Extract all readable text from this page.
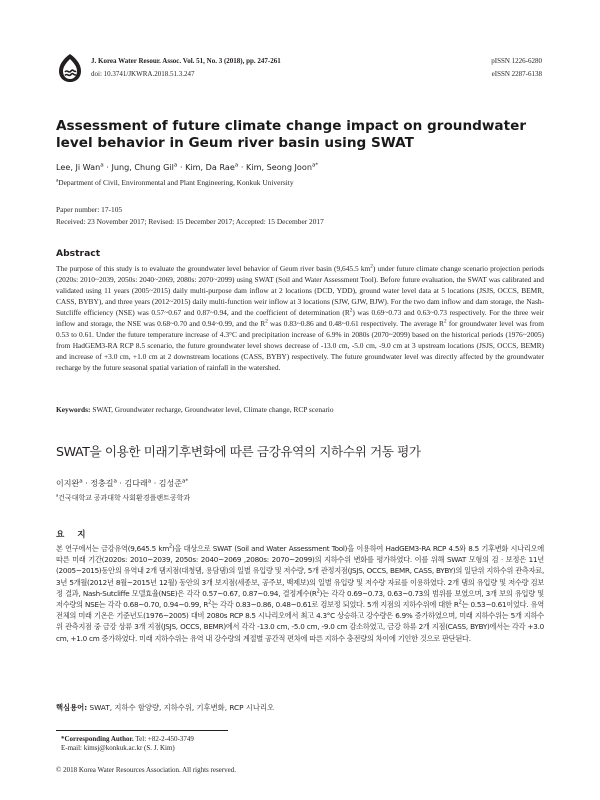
J. Korea Water Resour. Assoc. Vol. 51, No. 3 (2018), pp. 247-261
doi: 10.3741/JKWRA.2018.51.3.247
pISSN 1226-6280
eISSN 2287-6138
Assessment of future climate change impact on groundwater level behavior in Geum river basin using SWAT
Lee, Ji Wan$^a$ · Jung, Chung Gil$^a$ · Kim, Da Rae$^a$ · Kim, Seong Joon$^{a*}$
$^a$Department of Civil, Environmental and Plant Engineering, Konkuk University
Paper number: 17-105
Received: 23 November 2017; Revised: 15 December 2017; Accepted: 15 December 2017
Abstract
The purpose of this study is to evaluate the groundwater level behavior of Geum river basin (9,645.5 $km^2$) under future climate change scenario projection periods (2020s: 2010~2039, 2050s: 2040~2069, 2080s: 2070~2099) using SWAT (Soil and Water Assessment Tool). Before future evaluation, the SWAT was calibrated and validated using 11 years (2005~2015) daily multi-purpose dam inflow at 2 locations (DCD, YDD), ground water level data at 5 locations (JSJS, OCCS, BEMR, CASS, BYBY), and three years (2012~2015) daily multi-function weir inflow at 3 locations (SJW, GJW, BJW). For the two dam inflow and dam storage, the Nash-Sutcliffe efficiency (NSE) was 0.57~0.67 and 0.87~0.94, and the coefficient of determination $(R^2)$ was 0.69~0.73 and 0.63~0.73 respectively. For the three weir inflow and storage, the NSE was 0.68~0.70 and 0.94~0.99, and the $R^2$ was 0.83~0.86 and 0.48~0.61 respectively. The average $R^2$ for groundwater level was from 0.53 to 0.61. Under the future temperature increase of 4.3°C and precipitation increase of 6.9% in 2080s (2070~2099) based on the historical periods (1976~2005) from HadGEM3-RA RCP 8.5 scenario, the future groundwater level shows decrease of -13.0 cm, -5.0 cm, -9.0 cm at 3 upstream locations (JSJS, OCCS, BEMR) and increase of +3.0 cm, +1.0 cm at 2 downstream locations (CASS, BYBY) respectively. The future groundwater level was directly affected by the groundwater recharge by the future seasonal spatial variation of rainfall in the watershed.
Keywords: SWAT, Groundwater recharge, Groundwater level, Climate change, RCP scenario
SWAT을 이용한 미래기후변화에 따른 금강유역의 지하수위 거동 평가
이지완$^a$ · 정충길$^a$ · 김다래$^a$ · 김성준$^{a*}$
$^a$건국대학교 공과대학 사회환경플랜트공학과
요 지
본 연구에서는 금강유역(9,645.5 $km^2$)을 대상으로 SWAT (Soil and Water Assessment Tool)을 이용하여 HadGEM3-RA RCP 4.5와 8.5 기후변화 시나리오에 따른 미래 기간(2020s: 2010~2039, 2050s: 2040~2069 ,2080s: 2070~2099)의 지하수위 변화를 평가하였다. 이를 위해 SWAT 모형의 검 · 보정은 11년(2005~2015)동안의 유역내 2개 댐지점(대청댐, 용담댐)의 일별 유입량 및 저수량, 5개 관정지점(JSJS, OCCS, BEMR, CASS, BYBY)의 일단위 지하수위 관측자료, 3년 5개월(2012년 8월~2015년 12월) 동안의 3개 보지점(세종보, 공주보, 백제보)의 일별 유입량 및 저수량 자료를 이용하였다. 2개 댐의 유입량 및 저수량 검보정 결과, Nash-Sutcliffe 모델효율(NSE)은 각각 0.57~0.67, 0.87~0.94, 결정계수$(R^2)$는 각각 0.69~0.73, 0.63~0.73의 범위를 보였으며, 3개 보의 유입량 및 저수량의 NSE는 각각 0.68~0.70, 0.94~0.99, $R^2$는 각각 0.83~0.86, 0.48~0.61로 검보정 되었다. 5개 지점의 지하수위에 대한 $R^2$는 0.53~0.61이었다. 유역 전체의 미래 기온은 기준년도(1976~2005) 대비 2080s RCP 8.5 시나리오에서 최고 4.3°C 상승하고 강수량은 6.9% 증가하였으며, 미래 지하수위는 5개 지하수위 관측지점 중 금강 상류 3개 지점(JSJS, OCCS, BEMR)에서 각각 -13.0 cm, -5.0 cm, -9.0 cm 감소하였고, 금강 하류 2개 지점(CASS, BYBY)에서는 각각 +3.0 cm, +1.0 cm 증가하였다. 미래 지하수위는 유역 내 강수량의 계절별 공간적 편차에 따른 지하수 충전량의 차이에 기인한 것으로 판단된다.
핵심용어: SWAT, 지하수 함양량, 지하수위, 기후변화, RCP 시나리오
*Corresponding Author. Tel: +82-2-450-3749
E-mail: kimsj@konkuk.ac.kr (S. J. Kim)
© 2018 Korea Water Resources Association. All rights reserved.
